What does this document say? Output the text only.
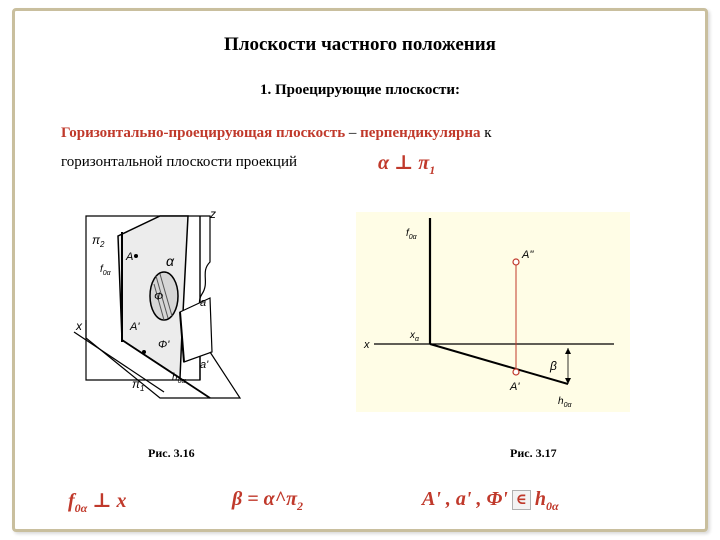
Плоскости частного положения
1. Проецирующие плоскости:
Горизонтально-проецирующая плоскость – перпендикулярна к
горизонтальной плоскости проекций	α ⊥ $\pi_1$
z
$\pi_2$
$f_{0\alpha}$
A α
Φ	a
A'
Φ'
x
a'
$h_{0\alpha}$
$\pi_1$
$f_{0\alpha}$
A''
$x_\alpha$
x
β
A'
$h_{0\alpha}$
Рис. 3.16	Рис. 3.17
$f_{0\alpha}$ ⊥ x	$\beta = \alpha\^{}\pi_2$	A' , a' , Φ' ∈ $h_{0\alpha}$
